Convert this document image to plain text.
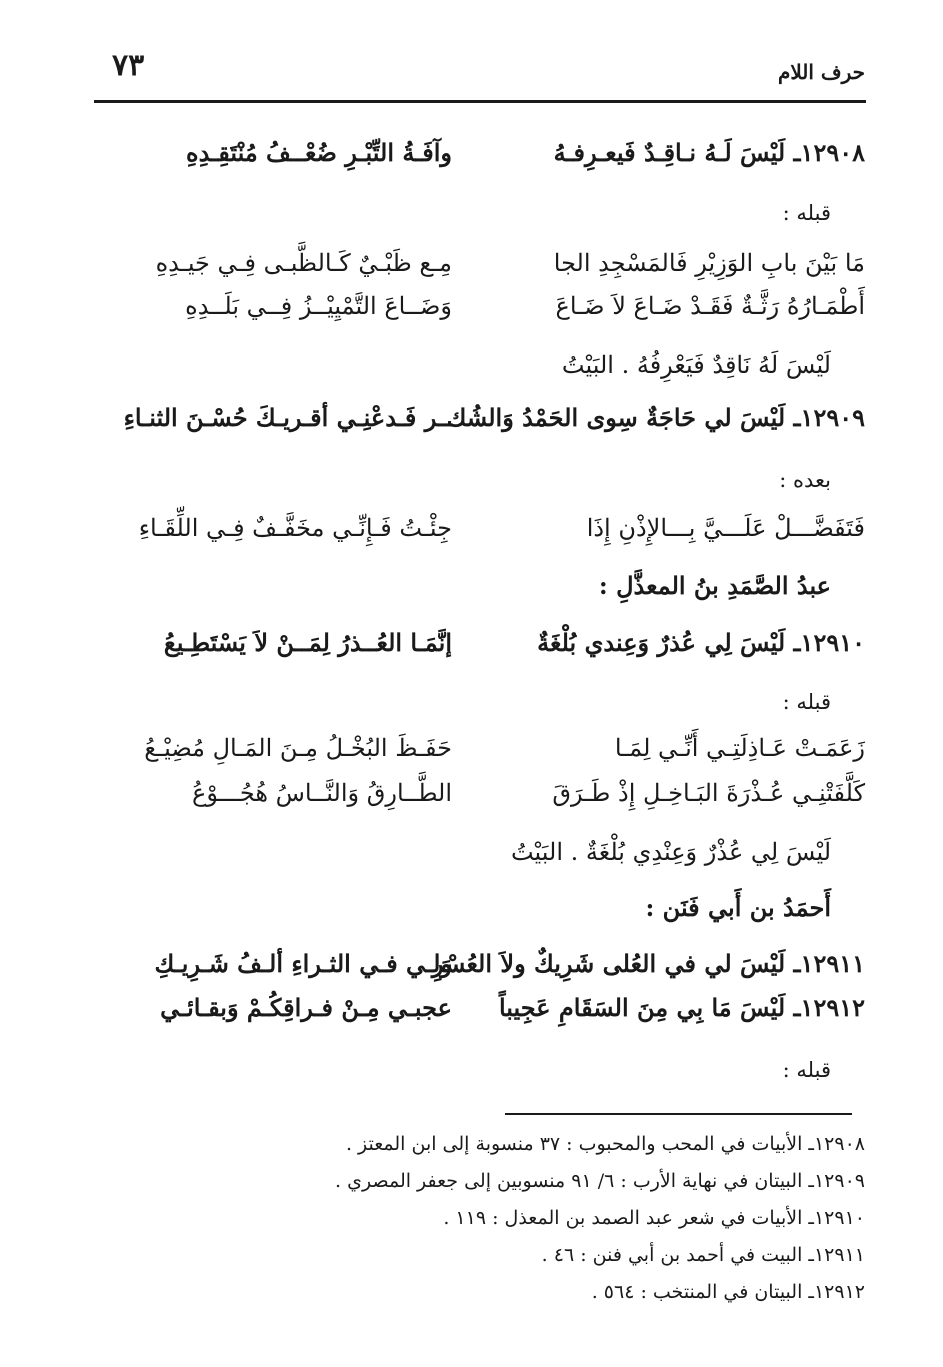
حرف اللام
٧٣
١٢٩٠٨ـ لَيْسَ لَـهُ نـاقِـدٌ فَيعـرِفـهُ
وآفَـةُ التِّبْـرِ ضُعْــفُ مُنْتَقِـدِهِ
قبله :
مَا بَيْنَ بابِ الوَزِيْرِ فَالمَسْجِدِ الجا
مِـع ظَبْـيٌ كَـالظَّبـى فِـي جَيـدِهِ
أَطْمَـارُهُ رَثَّـةٌ فَقَـدْ ضَـاعَ لاَ ضَـاعَ
وَضَــاعَ التَّمْيِيْــزُ فِــي بَلَــدِهِ
لَيْسَ لَهُ نَاقِدٌ فَيَعْرِفُهُ . البَيْتُ
١٢٩٠٩ـ لَيْسَ لي حَاجَةٌ سِوى الحَمْدُ وَالشُك
ــر فَـدعْنِـي أقـريـكَ حُسْـنَ الثنـاءِ
بعده :
فَتَفَضَّـــلْ عَلَـــيَّ بِـــالإِذْنِ إِذَا
جِئْـتُ فَـإِنِّـي مخَفَّـفٌ فِـي اللِّقَـاءِ
عبدُ الصَّمَدِ بنُ المعذَّلِ :
١٢٩١٠ـ لَيْسَ لِي عُذرٌ وَعِندي بُلْغَةٌ
إنَّمَـا العُــذرُ لِمَــنْ لاَ يَسْتَطِـيعُ
قبله :
زَعَمَـتْ عَـاذِلَتِـي أَنِّـي لِمَـا
حَفَـظَ البُخْـلُ مِـنَ المَـالِ مُضِيْـعُ
كَلَّفَتْنِـي عُـذْرَةَ البَـاخِـلِ إِذْ طَـرَقَ
الطَّــارِقُ وَالنَّــاسُ هُجُـــوْعُ
لَيْسَ لِي عُذْرٌ وَعِنْدِي بُلْغَةٌ . البَيْتُ
أَحمَدُ بن أَبي فَنَن :
١٢٩١١ـ لَيْسَ لي في العُلى شَرِيكٌ ولاَ العُسْرِ
وَلـي فـي الثـراءِ ألـفُ شَـرِيـكِ
١٢٩١٢ـ لَيْسَ مَا بِي مِنَ السَقَامِ عَجِيباً
عجبـي مِـنْ فـراقِكُـمْ وَبقـائـي
قبله :
١٢٩٠٨ـ الأبيات في المحب والمحبوب : ٣٧ منسوبة إلى ابن المعتز .
١٢٩٠٩ـ البيتان في نهاية الأرب : ٦/ ٩١ منسوبين إلى جعفر المصري .
١٢٩١٠ـ الأبيات في شعر عبد الصمد بن المعذل : ١١٩ .
١٢٩١١ـ البيت في أحمد بن أبي فنن : ٤٦ .
١٢٩١٢ـ البيتان في المنتخب : ٥٦٤ .
